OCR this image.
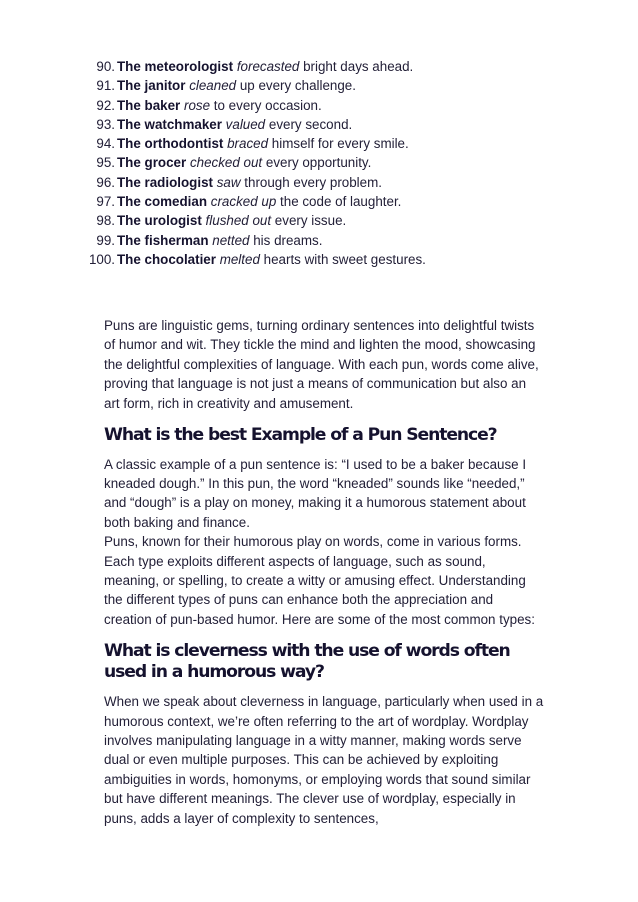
90. The meteorologist forecasted bright days ahead.
91. The janitor cleaned up every challenge.
92. The baker rose to every occasion.
93. The watchmaker valued every second.
94. The orthodontist braced himself for every smile.
95. The grocer checked out every opportunity.
96. The radiologist saw through every problem.
97. The comedian cracked up the code of laughter.
98. The urologist flushed out every issue.
99. The fisherman netted his dreams.
100. The chocolatier melted hearts with sweet gestures.

Puns are linguistic gems, turning ordinary sentences into delightful twists of humor and wit. They tickle the mind and lighten the mood, showcasing the delightful complexities of language. With each pun, words come alive, proving that language is not just a means of communication but also an art form, rich in creativity and amusement.

What is the best Example of a Pun Sentence?

A classic example of a pun sentence is: “I used to be a baker because I kneaded dough.” In this pun, the word “kneaded” sounds like “needed,” and “dough” is a play on money, making it a humorous statement about both baking and finance.

Puns, known for their humorous play on words, come in various forms. Each type exploits different aspects of language, such as sound, meaning, or spelling, to create a witty or amusing effect. Understanding the different types of puns can enhance both the appreciation and creation of pun-based humor. Here are some of the most common types:

What is cleverness with the use of words often used in a humorous way?

When we speak about cleverness in language, particularly when used in a humorous context, we’re often referring to the art of wordplay. Wordplay involves manipulating language in a witty manner, making words serve dual or even multiple purposes. This can be achieved by exploiting ambiguities in words, homonyms, or employing words that sound similar but have different meanings. The clever use of wordplay, especially in puns, adds a layer of complexity to sentences,
